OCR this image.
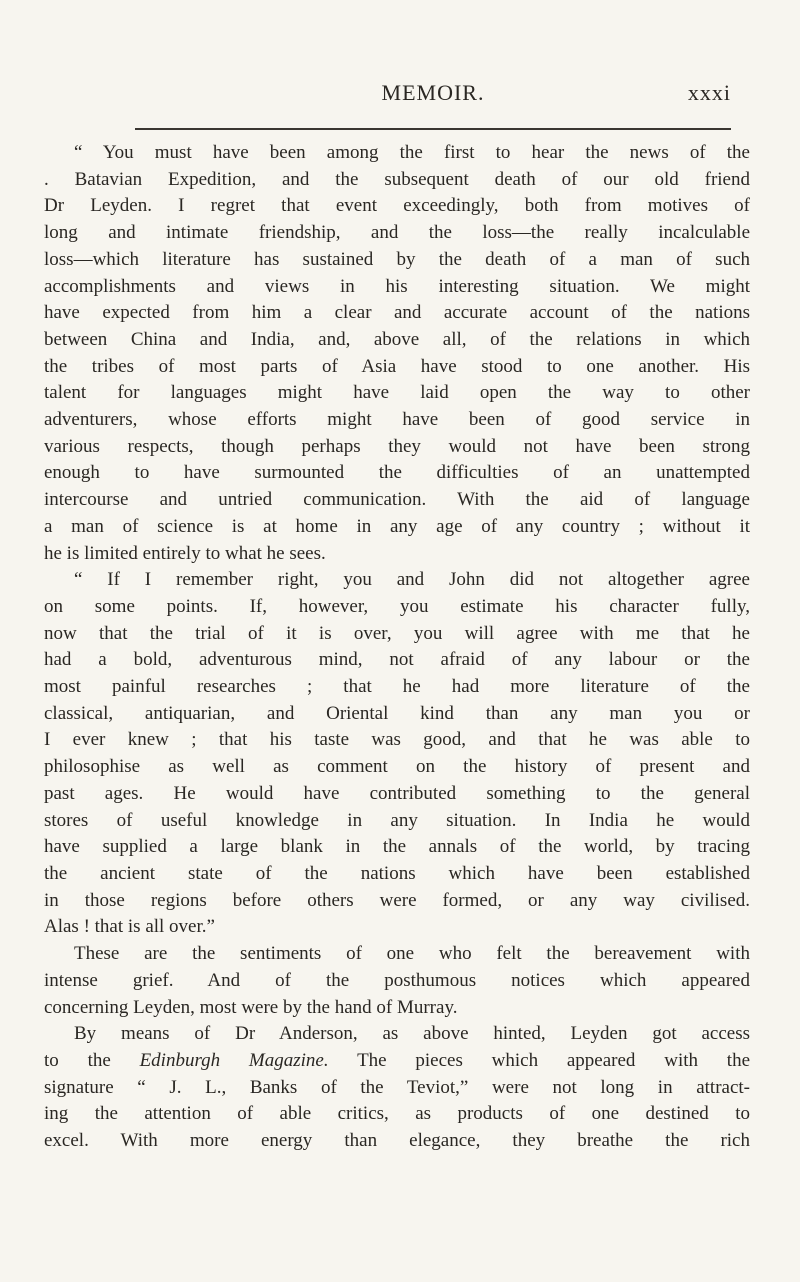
MEMOIR.	xxxi
“ You must have been among the first to hear the news of the
. Batavian Expedition, and the subsequent death of our old friend
Dr Leyden. I regret that event exceedingly, both from motives of
long and intimate friendship, and the loss—the really incalculable
loss—which literature has sustained by the death of a man of such
accomplishments and views in his interesting situation. We might
have expected from him a clear and accurate account of the nations
between China and India, and, above all, of the relations in which
the tribes of most parts of Asia have stood to one another. His
talent for languages might have laid open the way to other
adventurers, whose efforts might have been of good service in
various respects, though perhaps they would not have been strong
enough to have surmounted the difficulties of an unattempted
intercourse and untried communication. With the aid of language
a man of science is at home in any age of any country ; without it
he is limited entirely to what he sees.
“ If I remember right, you and John did not altogether agree
on some points. If, however, you estimate his character fully,
now that the trial of it is over, you will agree with me that he
had a bold, adventurous mind, not afraid of any labour or the
most painful researches ; that he had more literature of the
classical, antiquarian, and Oriental kind than any man you or
I ever knew ; that his taste was good, and that he was able to
philosophise as well as comment on the history of present and
past ages. He would have contributed something to the general
stores of useful knowledge in any situation. In India he would
have supplied a large blank in the annals of the world, by tracing
the ancient state of the nations which have been established
in those regions before others were formed, or any way civilised.
Alas ! that is all over.”
These are the sentiments of one who felt the bereavement with
intense grief. And of the posthumous notices which appeared
concerning Leyden, most were by the hand of Murray.
By means of Dr Anderson, as above hinted, Leyden got access
to the Edinburgh Magazine. The pieces which appeared with the
signature “ J. L., Banks of the Teviot,” were not long in attract-
ing the attention of able critics, as products of one destined to
excel. With more energy than elegance, they breathe the rich
